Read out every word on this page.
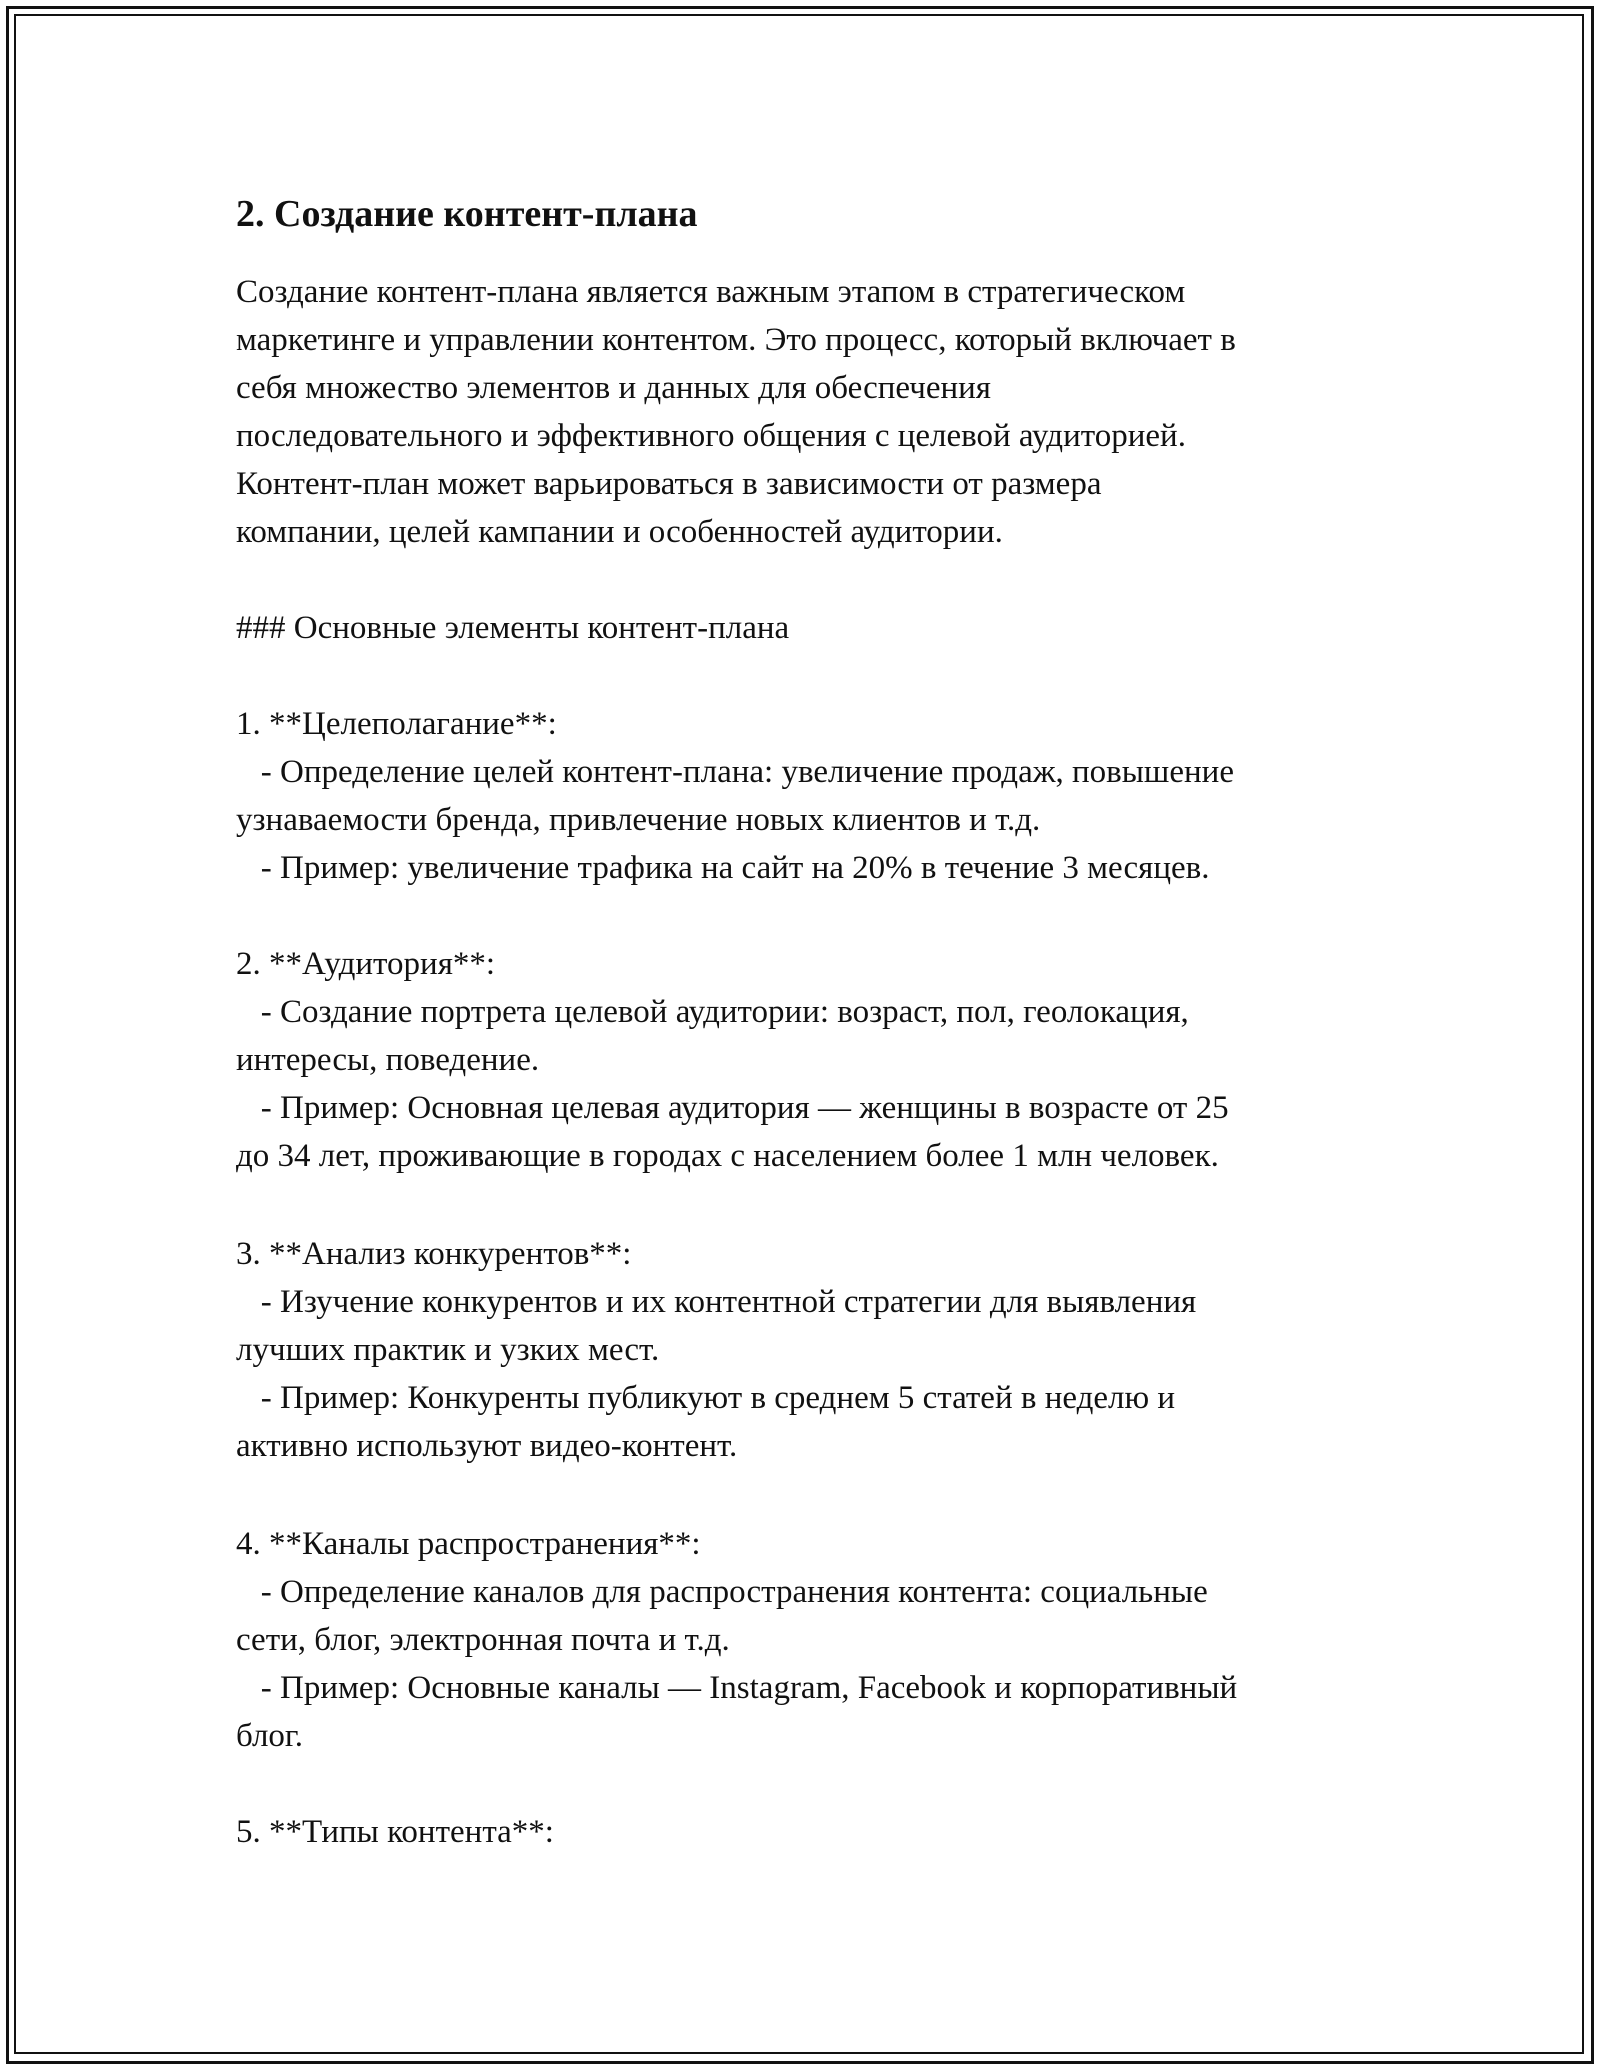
2. Создание контент-плана

Создание контент-плана является важным этапом в стратегическом

маркетинге и управлении контентом. Это процесс, который включает в

себя множество элементов и данных для обеспечения

последовательного и эффективного общения с целевой аудиторией.

Контент-план может варьироваться в зависимости от размера

компании, целей кампании и особенностей аудитории.

### Основные элементы контент-плана

1. **Целеполагание**:

- Определение целей контент-плана: увеличение продаж, повышение

узнаваемости бренда, привлечение новых клиентов и т.д.

- Пример: увеличение трафика на сайт на 20% в течение 3 месяцев.

2. **Аудитория**:

- Создание портрета целевой аудитории: возраст, пол, геолокация,

интересы, поведение.

- Пример: Основная целевая аудитория — женщины в возрасте от 25

до 34 лет, проживающие в городах с населением более 1 млн человек.

3. **Анализ конкурентов**:

- Изучение конкурентов и их контентной стратегии для выявления

лучших практик и узких мест.

- Пример: Конкуренты публикуют в среднем 5 статей в неделю и

активно используют видео-контент.

4. **Каналы распространения**:

- Определение каналов для распространения контента: социальные

сети, блог, электронная почта и т.д.

- Пример: Основные каналы — Instagram, Facebook и корпоративный

блог.

5. **Типы контента**:
